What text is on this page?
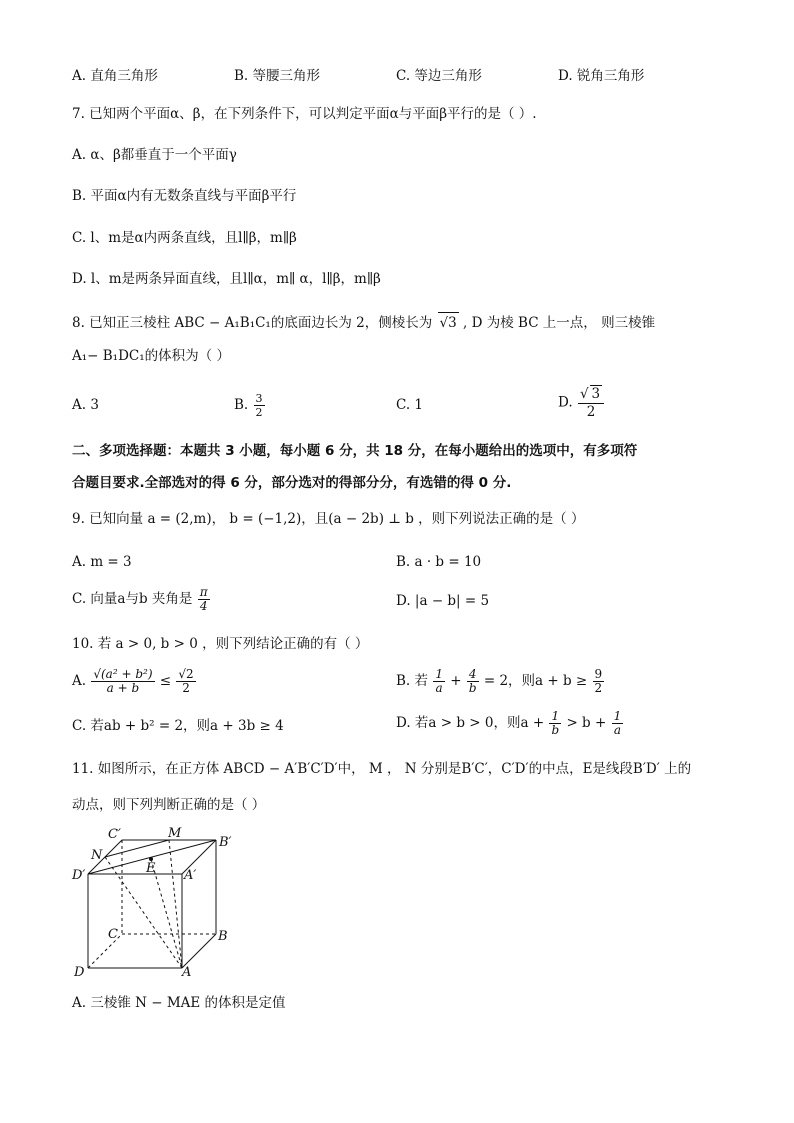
A. 直角三角形	B. 等腰三角形	C. 等边三角形	D. 锐角三角形
7. 已知两个平面α、β，在下列条件下，可以判定平面α与平面β平行的是（ ）.
A. α、β都垂直于一个平面γ
B. 平面α内有无数条直线与平面β平行
C. l、m是α内两条直线，且l∥β，m∥β
D. l、m是两条异面直线，且l∥α，m∥ α，l∥β，m∥β
8. 已知正三棱柱 ABC − A₁B₁C₁的底面边长为 2，侧棱长为 √3 , D 为棱 BC 上一点， 则三棱锥
A₁− B₁DC₁的体积为（ ）
A. 3	B. $\frac{3}{2}$	C. 1	D. $\frac{√ 3}{2}$
二、多项选择题：本题共 3 小题，每小题 6 分，共 18 分，在每小题给出的选项中，有多项符
合题目要求.全部选对的得 6 分，部分选对的得部分分，有选错的得 0 分.
9. 已知向量 a = (2,m)， b = (−1,2)，且(a − 2b) ⊥ b ，则下列说法正确的是（ ）
A. m = 3	B. a · b = 10
C. 向量a与b 夹角是 $\frac{\pi}{4}$	D. |a − b| = 5
10. 若 a > 0, b > 0 ，则下列结论正确的有（ ）
A. $\frac{\text{√(a² + b²)}}{a + b} \le \frac{√2}{2}$	B. 若 $\frac{1}{a} + \frac{4}{b} = 2$，则$a + b \ge \frac{9}{2}$
C. 若ab + b² = 2，则a + 3b ≥ 4	D. 若a > b > 0，则$a + \frac{1}{b} > b + \frac{1}{a}$
11. 如图所示，在正方体 ABCD − A′B′C′D′中， M ， N 分别是B′C′，C′D′的中点，E是线段B′D′ 上的
动点，则下列判断正确的是（ ）
C′	M
B′
N
E
D′	A′
C	B
D	A
A. 三棱锥 N − MAE 的体积是定值
